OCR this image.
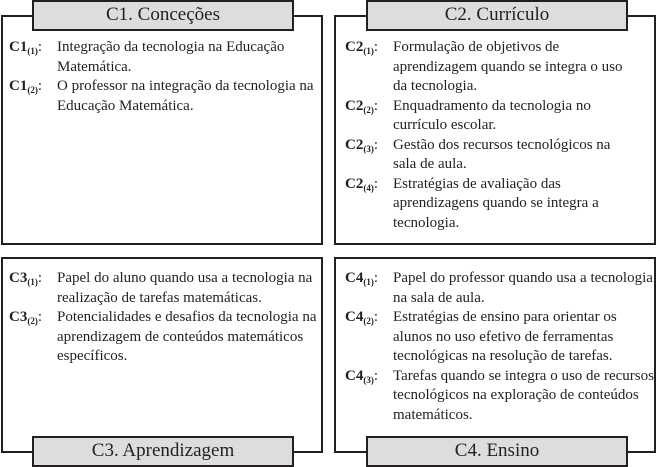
C1. Conceções
$C1_{(1)}$: Integração da tecnologia na Educação Matemática.
$C1_{(2)}$: O professor na integração da tecnologia na Educação Matemática.
C2. Currículo
$C2_{(1)}$: Formulação de objetivos de aprendizagem quando se integra o uso da tecnologia.
$C2_{(2)}$: Enquadramento da tecnologia no currículo escolar.
$C2_{(3)}$: Gestão dos recursos tecnológicos na sala de aula.
$C2_{(4)}$: Estratégias de avaliação das aprendizagens quando se integra a tecnologia.
C3. Aprendizagem
$C3_{(1)}$: Papel do aluno quando usa a tecnologia na realização de tarefas matemáticas.
$C3_{(2)}$: Potencialidades e desafios da tecnologia na aprendizagem de conteúdos matemáticos específicos.
C4. Ensino
$C4_{(1)}$: Papel do professor quando usa a tecnologia na sala de aula.
$C4_{(2)}$: Estratégias de ensino para orientar os alunos no uso efetivo de ferramentas tecnológicas na resolução de tarefas.
$C4_{(3)}$: Tarefas quando se integra o uso de recursos tecnológicos na exploração de conteúdos matemáticos.
